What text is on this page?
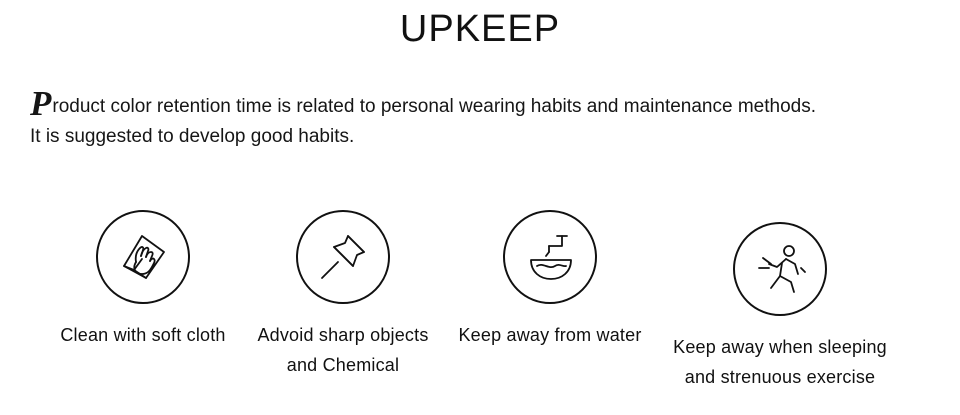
UPKEEP
Product color retention time is related to personal wearing habits and maintenance methods.
It is suggested to develop good habits.
Clean with soft cloth	Advoid sharp objects
and Chemical
Keep away from water
Keep away when sleeping
and strenuous exercise
